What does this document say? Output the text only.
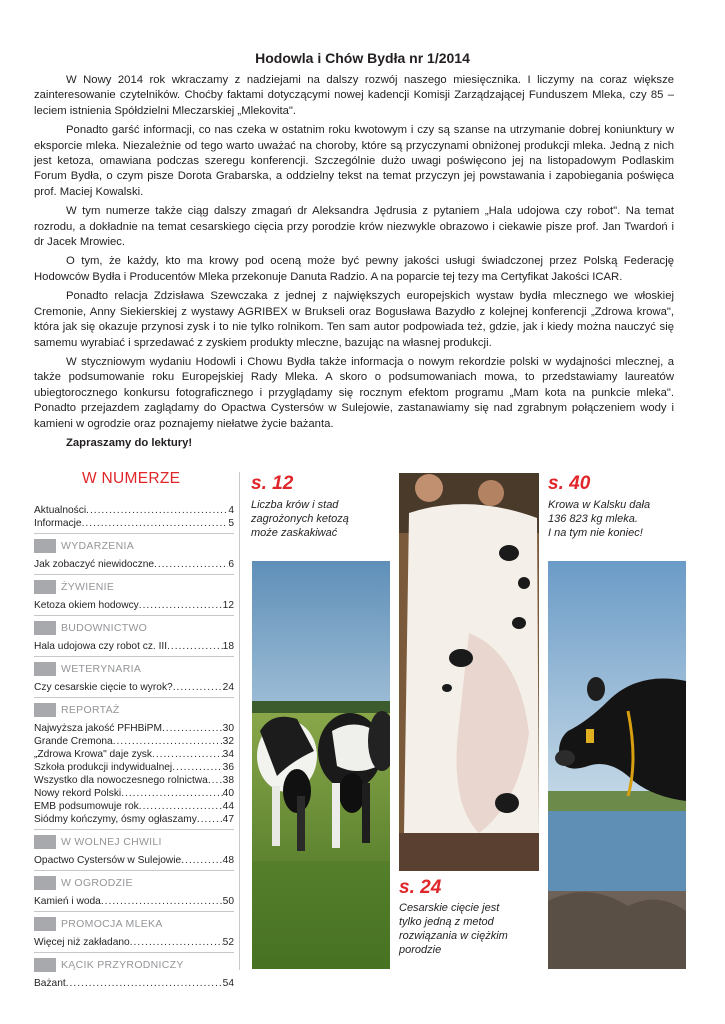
Hodowla i Chów Bydła nr 1/2014

W Nowy 2014 rok wkraczamy z nadziejami na dalszy rozwój naszego miesięcznika. I liczymy na coraz większe zainteresowanie czytelników. Choćby faktami dotyczącymi nowej kadencji Komisji Zarządzającej Funduszem Mleka, czy 85 –leciem istnienia Spółdzielni Mleczarskiej „Mlekovita".

Ponadto garść informacji, co nas czeka w ostatnim roku kwotowym i czy są szanse na utrzymanie dobrej koniunktury w eksporcie mleka. Niezależnie od tego warto uważać na choroby, które są przyczynami obniżonej produkcji mleka. Jedną z nich jest ketoza, omawiana podczas szeregu konferencji. Szczególnie dużo uwagi poświęcono jej na listopadowym Podlaskim Forum Bydła, o czym pisze Dorota Grabarska, a oddzielny tekst na temat przyczyn jej powstawania i zapobiegania poświęca prof. Maciej Kowalski.

W tym numerze także ciąg dalszy zmagań dr Aleksandra Jędrusia z pytaniem „Hala udojowa czy robot". Na temat rozrodu, a dokładnie na temat cesarskiego cięcia przy porodzie krów niezwykle obrazowo i ciekawie pisze prof. Jan Twardoń i dr Jacek Mrowiec.

O tym, że każdy, kto ma krowy pod oceną może być pewny jakości usługi świadczonej przez Polską Federację Hodowców Bydła i Producentów Mleka przekonuje Danuta Radzio. A na poparcie tej tezy ma Certyfikat Jakości ICAR.

Ponadto relacja Zdzisława Szewczaka z jednej z największych europejskich wystaw bydła mlecznego we włoskiej Cremonie, Anny Siekierskiej z wystawy AGRIBEX w Brukseli oraz Bogusława Bazydło z kolejnej konferencji „Zdrowa krowa", która jak się okazuje przynosi zysk i to nie tylko rolnikom. Ten sam autor podpowiada też, gdzie, jak i kiedy można nauczyć się samemu wyrabiać i sprzedawać z zyskiem produkty mleczne, bazując na własnej produkcji.

W styczniowym wydaniu Hodowli i Chowu Bydła także informacja o nowym rekordzie polski w wydajności mlecznej, a także podsumowanie roku Europejskiej Rady Mleka. A skoro o podsumowaniach mowa, to przedstawiamy laureatów ubiegtorocznego konkursu fotograficznego i przyglądamy się rocznym efektom programu „Mam kota na punkcie mleka". Ponadto przejazdem zaglądamy do Opactwa Cystersów w Sulejowie, zastanawiamy się nad zgrabnym połączeniem wody i kamieni w ogrodzie oraz poznajemy niełatwe życie bażanta.

Zapraszamy do lektury!

W NUMERZE
Aktualności .....	4
Informacje .....	5
WYDARZENIA
Jak zobaczyć niewidoczne .....	6
ŻYWIENIE
Ketoza okiem hodowcy .....	12
BUDOWNICTWO
Hala udojowa czy robot cz. III .....	18
WETERYNARIA
Czy cesarskie cięcie to wyrok? .....	24
REPORTAŻ
Najwyższa jakość PFHBiPM .....	30
Grande Cremona .....	32
„Zdrowa Krowa" daje zysk .....	34
Szkoła produkcji indywidualnej .....	36
Wszystko dla nowoczesnego rolnictwa ..... 38
Nowy rekord Polski .....	40
EMB podsumowuje rok .....	44
Siódmy kończymy, ósmy ogłaszamy .....	47
W WOLNEJ CHWILI
Opactwo Cystersów w Sulejowie .....	48
W OGRODZIE
Kamień i woda .....	50
PROMOCJA MLEKA
Więcej niż zakładano .....	52
KĄCIK PRZYRODNICZY
Bażant .....	54
s. 12
Liczba krów i stad
zagrożonych ketozą
może zaskakiwać
s. 24
Cesarskie cięcie jest
tylko jedną z metod
rozwiązania w ciężkim
porodzie
s. 40
Krowa w Kalsku dała
136 823 kg mleka.
I na tym nie koniec!
